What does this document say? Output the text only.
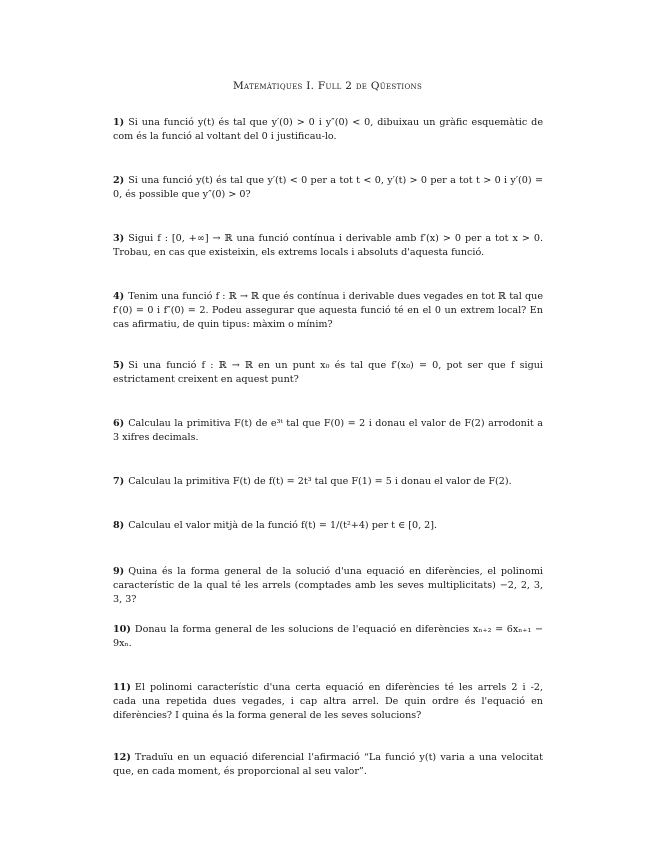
Matemàtiques I. Full 2 de Qüestions
1) Si una funció y(t) és tal que y′(0) > 0 i y″(0) < 0, dibuixau un gràfic esquemàtic de com és la funció al voltant del 0 i justificau-lo.
2) Si una funció y(t) és tal que y′(t) < 0 per a tot t < 0, y′(t) > 0 per a tot t > 0 i y′(0) = 0, és possible que y″(0) > 0?
3) Sigui f : [0, +∞] → ℝ una funció contínua i derivable amb f′(x) > 0 per a tot x > 0. Trobau, en cas que existeixin, els extrems locals i absoluts d'aquesta funció.
4) Tenim una funció f : ℝ → ℝ que és contínua i derivable dues vegades en tot ℝ tal que f′(0) = 0 i f″(0) = 2. Podeu assegurar que aquesta funció té en el 0 un extrem local? En cas afirmatiu, de quin tipus: màxim o mínim?
5) Si una funció f : ℝ → ℝ en un punt x₀ és tal que f′(x₀) = 0, pot ser que f sigui estrictament creixent en aquest punt?
6) Calculau la primitiva F(t) de e³ᵗ tal que F(0) = 2 i donau el valor de F(2) arrodonit a 3 xifres decimals.
7) Calculau la primitiva F(t) de f(t) = 2t³ tal que F(1) = 5 i donau el valor de F(2).
8) Calculau el valor mitjà de la funció f(t) = 1/(t²+4) per t ∈ [0, 2].
9) Quina és la forma general de la solució d'una equació en diferències, el polinomi característic de la qual té les arrels (comptades amb les seves multiplicitats) −2, 2, 3, 3, 3?
10) Donau la forma general de les solucions de l'equació en diferències xₙ₊₂ = 6xₙ₊₁ − 9xₙ.
11) El polinomi característic d'una certa equació en diferències té les arrels 2 i -2, cada una repetida dues vegades, i cap altra arrel. De quin ordre és l'equació en diferències? I quina és la forma general de les seves solucions?
12) Traduïu en un equació diferencial l'afirmació “La funció y(t) varia a una velocitat que, en cada moment, és proporcional al seu valor”.
